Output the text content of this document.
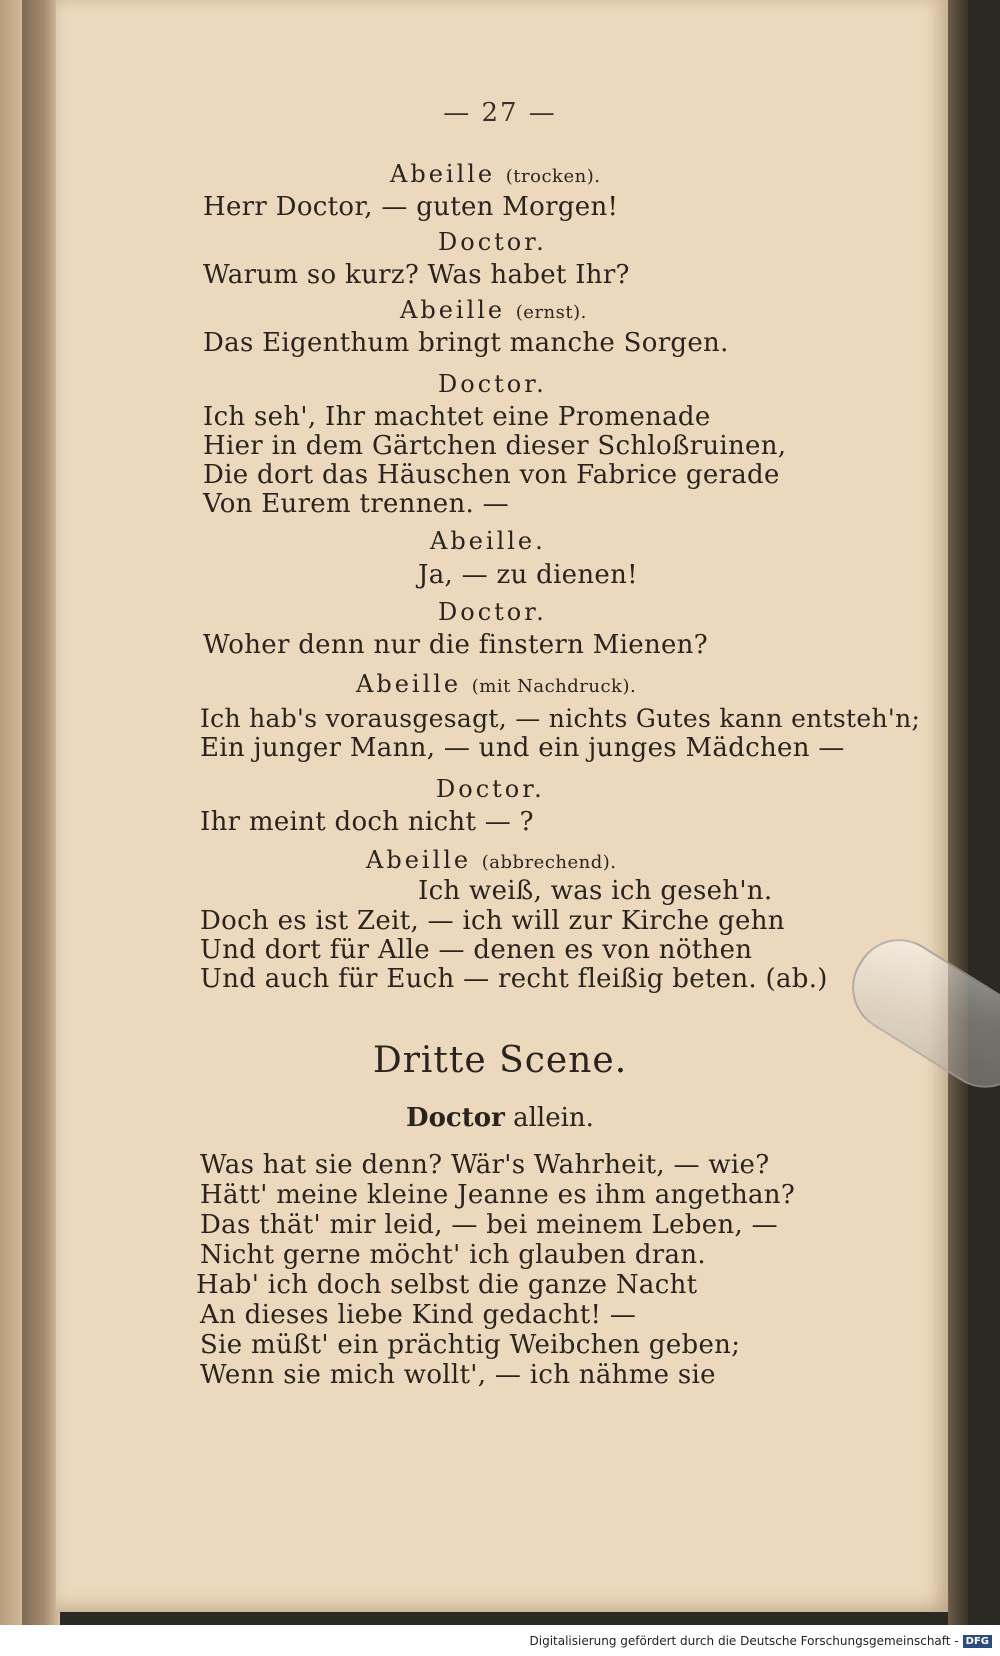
— 27 —
Abeille (trocken).
Herr Doctor, — guten Morgen!
Doctor.
Warum so kurz? Was habet Ihr?
Abeille (ernst).
Das Eigenthum bringt manche Sorgen.
Doctor.
Ich seh', Ihr machtet eine Promenade
Hier in dem Gärtchen dieser Schloßruinen,
Die dort das Häuschen von Fabrice gerade
Von Eurem trennen. —
Abeille.
Ja, — zu dienen!
Doctor.
Woher denn nur die finstern Mienen?
Abeille (mit Nachdruck).
Ich hab's vorausgesagt, — nichts Gutes kann entsteh'n;
Ein junger Mann, — und ein junges Mädchen —
Doctor.
Ihr meint doch nicht — ?
Abeille (abbrechend).
Ich weiß, was ich geseh'n.
Doch es ist Zeit, — ich will zur Kirche gehn
Und dort für Alle — denen es von nöthen
Und auch für Euch — recht fleißig beten. (ab.)
Dritte Scene.
Doctor allein.
Was hat sie denn? Wär's Wahrheit, — wie?
Hätt' meine kleine Jeanne es ihm angethan?
Das thät' mir leid, — bei meinem Leben, —
Nicht gerne möcht' ich glauben dran.
Hab' ich doch selbst die ganze Nacht
An dieses liebe Kind gedacht! —
Sie müßt' ein prächtig Weibchen geben;
Wenn sie mich wollt', — ich nähme sie
Digitalisierung gefördert durch die Deutsche Forschungsgemeinschaft - DFG
